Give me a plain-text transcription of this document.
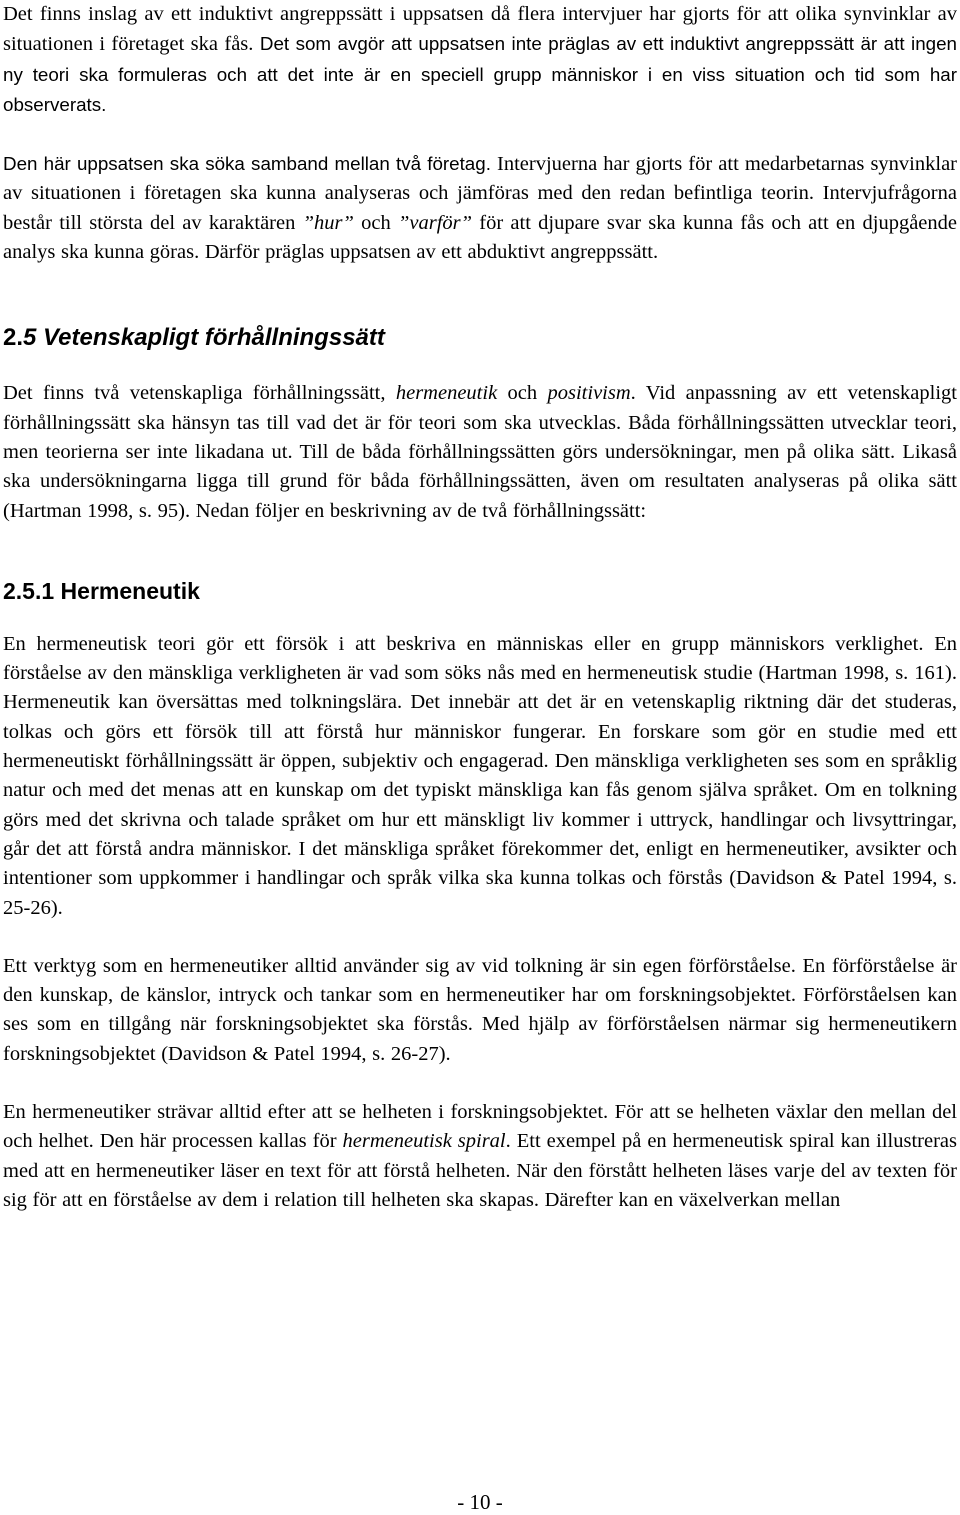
Det finns inslag av ett induktivt angreppssätt i uppsatsen då flera intervjuer har gjorts för att olika synvinklar av situationen i företaget ska fås. Det som avgör att uppsatsen inte präglas av ett induktivt angreppssätt är att ingen ny teori ska formuleras och att det inte är en speciell grupp människor i en viss situation och tid som har observerats.

Den här uppsatsen ska söka samband mellan två företag. Intervjuerna har gjorts för att medarbetarnas synvinklar av situationen i företagen ska kunna analyseras och jämföras med den redan befintliga teorin. Intervjufrågorna består till största del av karaktären ”hur” och ”varför” för att djupare svar ska kunna fås och att en djupgående analys ska kunna göras. Därför präglas uppsatsen av ett abduktivt angreppssätt.

2.5 Vetenskapligt förhållningssätt

Det finns två vetenskapliga förhållningssätt, hermeneutik och positivism. Vid anpassning av ett vetenskapligt förhållningssätt ska hänsyn tas till vad det är för teori som ska utvecklas. Båda förhållningssätten utvecklar teori, men teorierna ser inte likadana ut. Till de båda förhållningssätten görs undersökningar, men på olika sätt. Likaså ska undersökningarna ligga till grund för båda förhållningssätten, även om resultaten analyseras på olika sätt (Hartman 1998, s. 95). Nedan följer en beskrivning av de två förhållningssätt:

2.5.1 Hermeneutik

En hermeneutisk teori gör ett försök i att beskriva en människas eller en grupp människors verklighet. En förståelse av den mänskliga verkligheten är vad som söks nås med en hermeneutisk studie (Hartman 1998, s. 161). Hermeneutik kan översättas med tolkningslära. Det innebär att det är en vetenskaplig riktning där det studeras, tolkas och görs ett försök till att förstå hur människor fungerar. En forskare som gör en studie med ett hermeneutiskt förhållningssätt är öppen, subjektiv och engagerad. Den mänskliga verkligheten ses som en språklig natur och med det menas att en kunskap om det typiskt mänskliga kan fås genom själva språket. Om en tolkning görs med det skrivna och talade språket om hur ett mänskligt liv kommer i uttryck, handlingar och livsyttringar, går det att förstå andra människor. I det mänskliga språket förekommer det, enligt en hermeneutiker, avsikter och intentioner som uppkommer i handlingar och språk vilka ska kunna tolkas och förstås (Davidson & Patel 1994, s. 25-26).

Ett verktyg som en hermeneutiker alltid använder sig av vid tolkning är sin egen förförståelse. En förförståelse är den kunskap, de känslor, intryck och tankar som en hermeneutiker har om forskningsobjektet. Förförståelsen kan ses som en tillgång när forskningsobjektet ska förstås. Med hjälp av förförståelsen närmar sig hermeneutikern forskningsobjektet (Davidson & Patel 1994, s. 26-27).

En hermeneutiker strävar alltid efter att se helheten i forskningsobjektet. För att se helheten växlar den mellan del och helhet. Den här processen kallas för hermeneutisk spiral. Ett exempel på en hermeneutisk spiral kan illustreras med att en hermeneutiker läser en text för att förstå helheten. När den förstått helheten läses varje del av texten för sig för att en förståelse av dem i relation till helheten ska skapas. Därefter kan en växelverkan mellan

- 10 -
